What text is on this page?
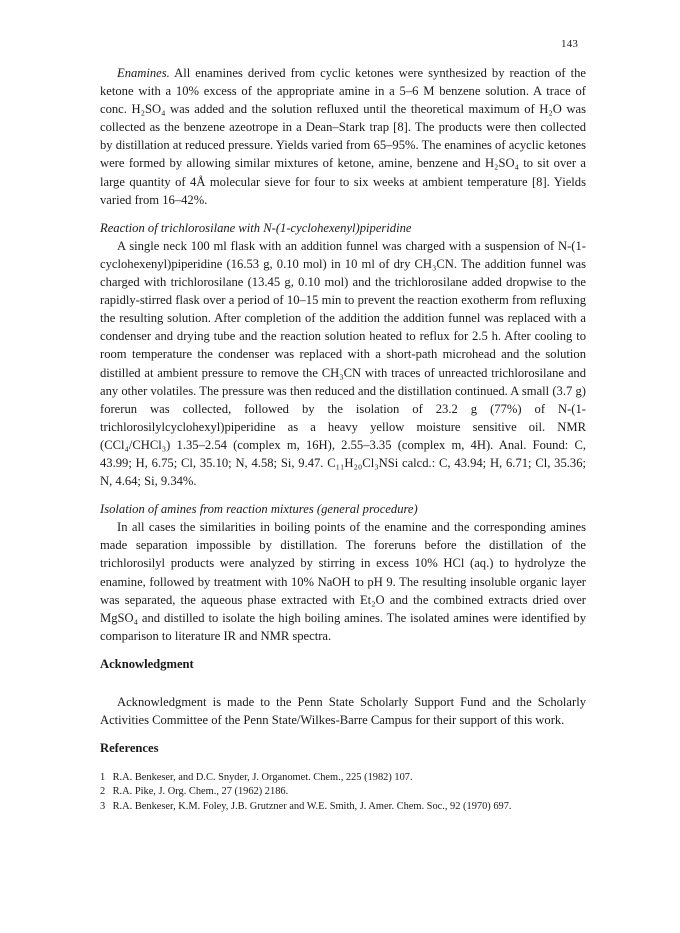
143

Enamines. All enamines derived from cyclic ketones were synthesized by reaction of the ketone with a 10% excess of the appropriate amine in a 5–6 M benzene solution. A trace of conc. H₂SO₄ was added and the solution refluxed until the theoretical maximum of H₂O was collected as the benzene azeotrope in a Dean–Stark trap [8]. The products were then collected by distillation at reduced pressure. Yields varied from 65–95%. The enamines of acyclic ketones were formed by allowing similar mixtures of ketone, amine, benzene and H₂SO₄ to sit over a large quantity of 4Å molecular sieve for four to six weeks at ambient temperature [8]. Yields varied from 16–42%.

Reaction of trichlorosilane with N-(1-cyclohexenyl)piperidine

A single neck 100 ml flask with an addition funnel was charged with a suspension of N-(1-cyclohexenyl)piperidine (16.53 g, 0.10 mol) in 10 ml of dry CH₃CN. The addition funnel was charged with trichlorosilane (13.45 g, 0.10 mol) and the trichlorosilane added dropwise to the rapidly-stirred flask over a period of 10–15 min to prevent the reaction exotherm from refluxing the resulting solution. After completion of the addition the addition funnel was replaced with a condenser and drying tube and the reaction solution heated to reflux for 2.5 h. After cooling to room temperature the condenser was replaced with a short-path microhead and the solution distilled at ambient pressure to remove the CH₃CN with traces of unreacted trichlorosilane and any other volatiles. The pressure was then reduced and the distillation continued. A small (3.7 g) forerun was collected, followed by the isolation of 23.2 g (77%) of N-(1-trichlorosilylcyclohexyl)piperidine as a heavy yellow moisture sensitive oil. NMR (CCl₄/CHCl₃) 1.35–2.54 (complex m, 16H), 2.55–3.35 (complex m, 4H). Anal. Found: C, 43.99; H, 6.75; Cl, 35.10; N, 4.58; Si, 9.47. C₁₁H₂₀Cl₃NSi calcd.: C, 43.94; H, 6.71; Cl, 35.36; N, 4.64; Si, 9.34%.

Isolation of amines from reaction mixtures (general procedure)

In all cases the similarities in boiling points of the enamine and the corresponding amines made separation impossible by distillation. The foreruns before the distillation of the trichlorosilyl products were analyzed by stirring in excess 10% HCl (aq.) to hydrolyze the enamine, followed by treatment with 10% NaOH to pH 9. The resulting insoluble organic layer was separated, the aqueous phase extracted with Et₂O and the combined extracts dried over MgSO₄ and distilled to isolate the high boiling amines. The isolated amines were identified by comparison to literature IR and NMR spectra.

Acknowledgment

Acknowledgment is made to the Penn State Scholarly Support Fund and the Scholarly Activities Committee of the Penn State/Wilkes-Barre Campus for their support of this work.

References

1 R.A. Benkeser, and D.C. Snyder, J. Organomet. Chem., 225 (1982) 107.
2 R.A. Pike, J. Org. Chem., 27 (1962) 2186.
3 R.A. Benkeser, K.M. Foley, J.B. Grutzner and W.E. Smith, J. Amer. Chem. Soc., 92 (1970) 697.
